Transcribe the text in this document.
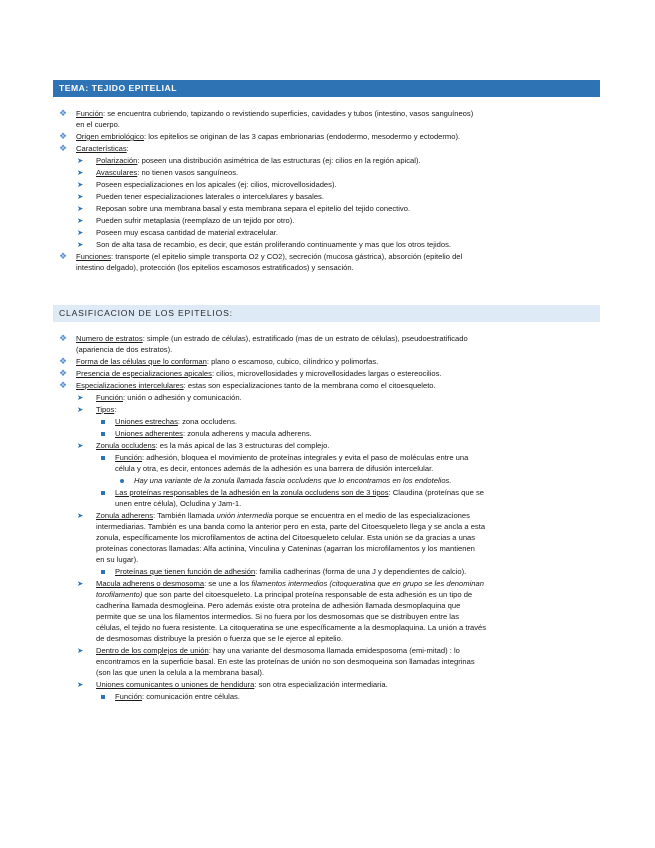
TEMA: TEJIDO EPITELIAL
❖ Función: se encuentra cubriendo, tapizando o revistiendo superficies, cavidades y tubos (intestino, vasos sanguíneos)
en el cuerpo.
❖ Origen embriológico: los epitelios se originan de las 3 capas embrionarias (endodermo, mesodermo y ectodermo).
❖ Características:
➤ Polarización: poseen una distribución asimétrica de las estructuras (ej: cilios en la región apical).
➤ Avasculares: no tienen vasos sanguíneos.
➤ Poseen especializaciones en los apicales (ej: cilios, microvellosidades).
➤ Pueden tener especializaciones laterales o intercelulares y basales.
➤ Reposan sobre una membrana basal y esta membrana separa el epitelio del tejido conectivo.
➤ Pueden sufrir metaplasia (reemplazo de un tejido por otro).
➤ Poseen muy escasa cantidad de material extracelular.
➤ Son de alta tasa de recambio, es decir, que están proliferando continuamente y mas que los otros tejidos.
❖ Funciones: transporte (el epitelio simple transporta O2 y CO2), secreción (mucosa gástrica), absorción (epitelio del
intestino delgado), protección (los epitelios escamosos estratificados) y sensación.
CLASIFICACION DE LOS EPITELIOS:
❖ Numero de estratos: simple (un estrado de células), estratificado (mas de un estrato de células), pseudoestratificado
(apariencia de dos estratos).
❖ Forma de las células que lo conforman: plano o escamoso, cubico, cilíndrico y polimorfas.
❖ Presencia de especializaciones apicales: cilios, microvellosidades y microvellosidades largas o estereocilios.
❖ Especializaciones intercelulares: estas son especializaciones tanto de la membrana como el citoesqueleto.
➤ Función: unión o adhesión y comunicación.
➤ Tipos:
Uniones estrechas: zona occludens.
Uniones adherentes: zonula adherens y macula adherens.
➤ Zonula occludens: es la más apical de las 3 estructuras del complejo.
Función: adhesión, bloquea el movimiento de proteínas integrales y evita el paso de moléculas entre una
célula y otra, es decir, entonces además de la adhesión es una barrera de difusión intercelular.
Hay una variante de la zonula llamada fascia occludens que lo encontramos en los endotelios.
Las proteínas responsables de la adhesión en la zonula occludens son de 3 tipos: Claudina (proteínas que se
unen entre célula), Ocludina y Jam-1.
➤ Zonula adherens: También llamada unión intermedia porque se encuentra en el medio de las especializaciones
intermediarias. También es una banda como la anterior pero en esta, parte del Citoesqueleto llega y se ancla a esta
zonula, específicamente los microfilamentos de actina del Citoesqueleto celular. Esta unión se da gracias a unas
proteínas conectoras llamadas: Alfa actinina, Vinculina y Cateninas (agarran los microfilamentos y los mantienen
en su lugar).
Proteínas que tienen función de adhesión: familia cadherinas (forma de una J y dependientes de calcio).
➤ Macula adherens o desmosoma: se une a los filamentos intermedios (citoqueratina que en grupo se les denominan
torofilamento) que son parte del citoesqueleto. La principal proteína responsable de esta adhesión es un tipo de
cadherina llamada desmogleina. Pero además existe otra proteína de adhesión llamada desmoplaquina que
permite que se una los filamentos intermedios. Si no fuera por los desmosomas que se distribuyen entre las
células, el tejido no fuera resistente. La citoqueratina se une específicamente a la desmoplaquina. La unión a través
de desmosomas distribuye la presión o fuerza que se le ejerce al epitelio.
➤ Dentro de los complejos de unión: hay una variante del desmosoma llamada emidesposoma (emi-mitad) : lo
encontramos en la superficie basal. En este las proteínas de unión no son desmoqueina son llamadas integrinas
(son las que unen la celula a la membrana basal).
➤ Uniones comunicantes o uniones de hendidura: son otra especialización intermediaria.
Función: comunicación entre células.
